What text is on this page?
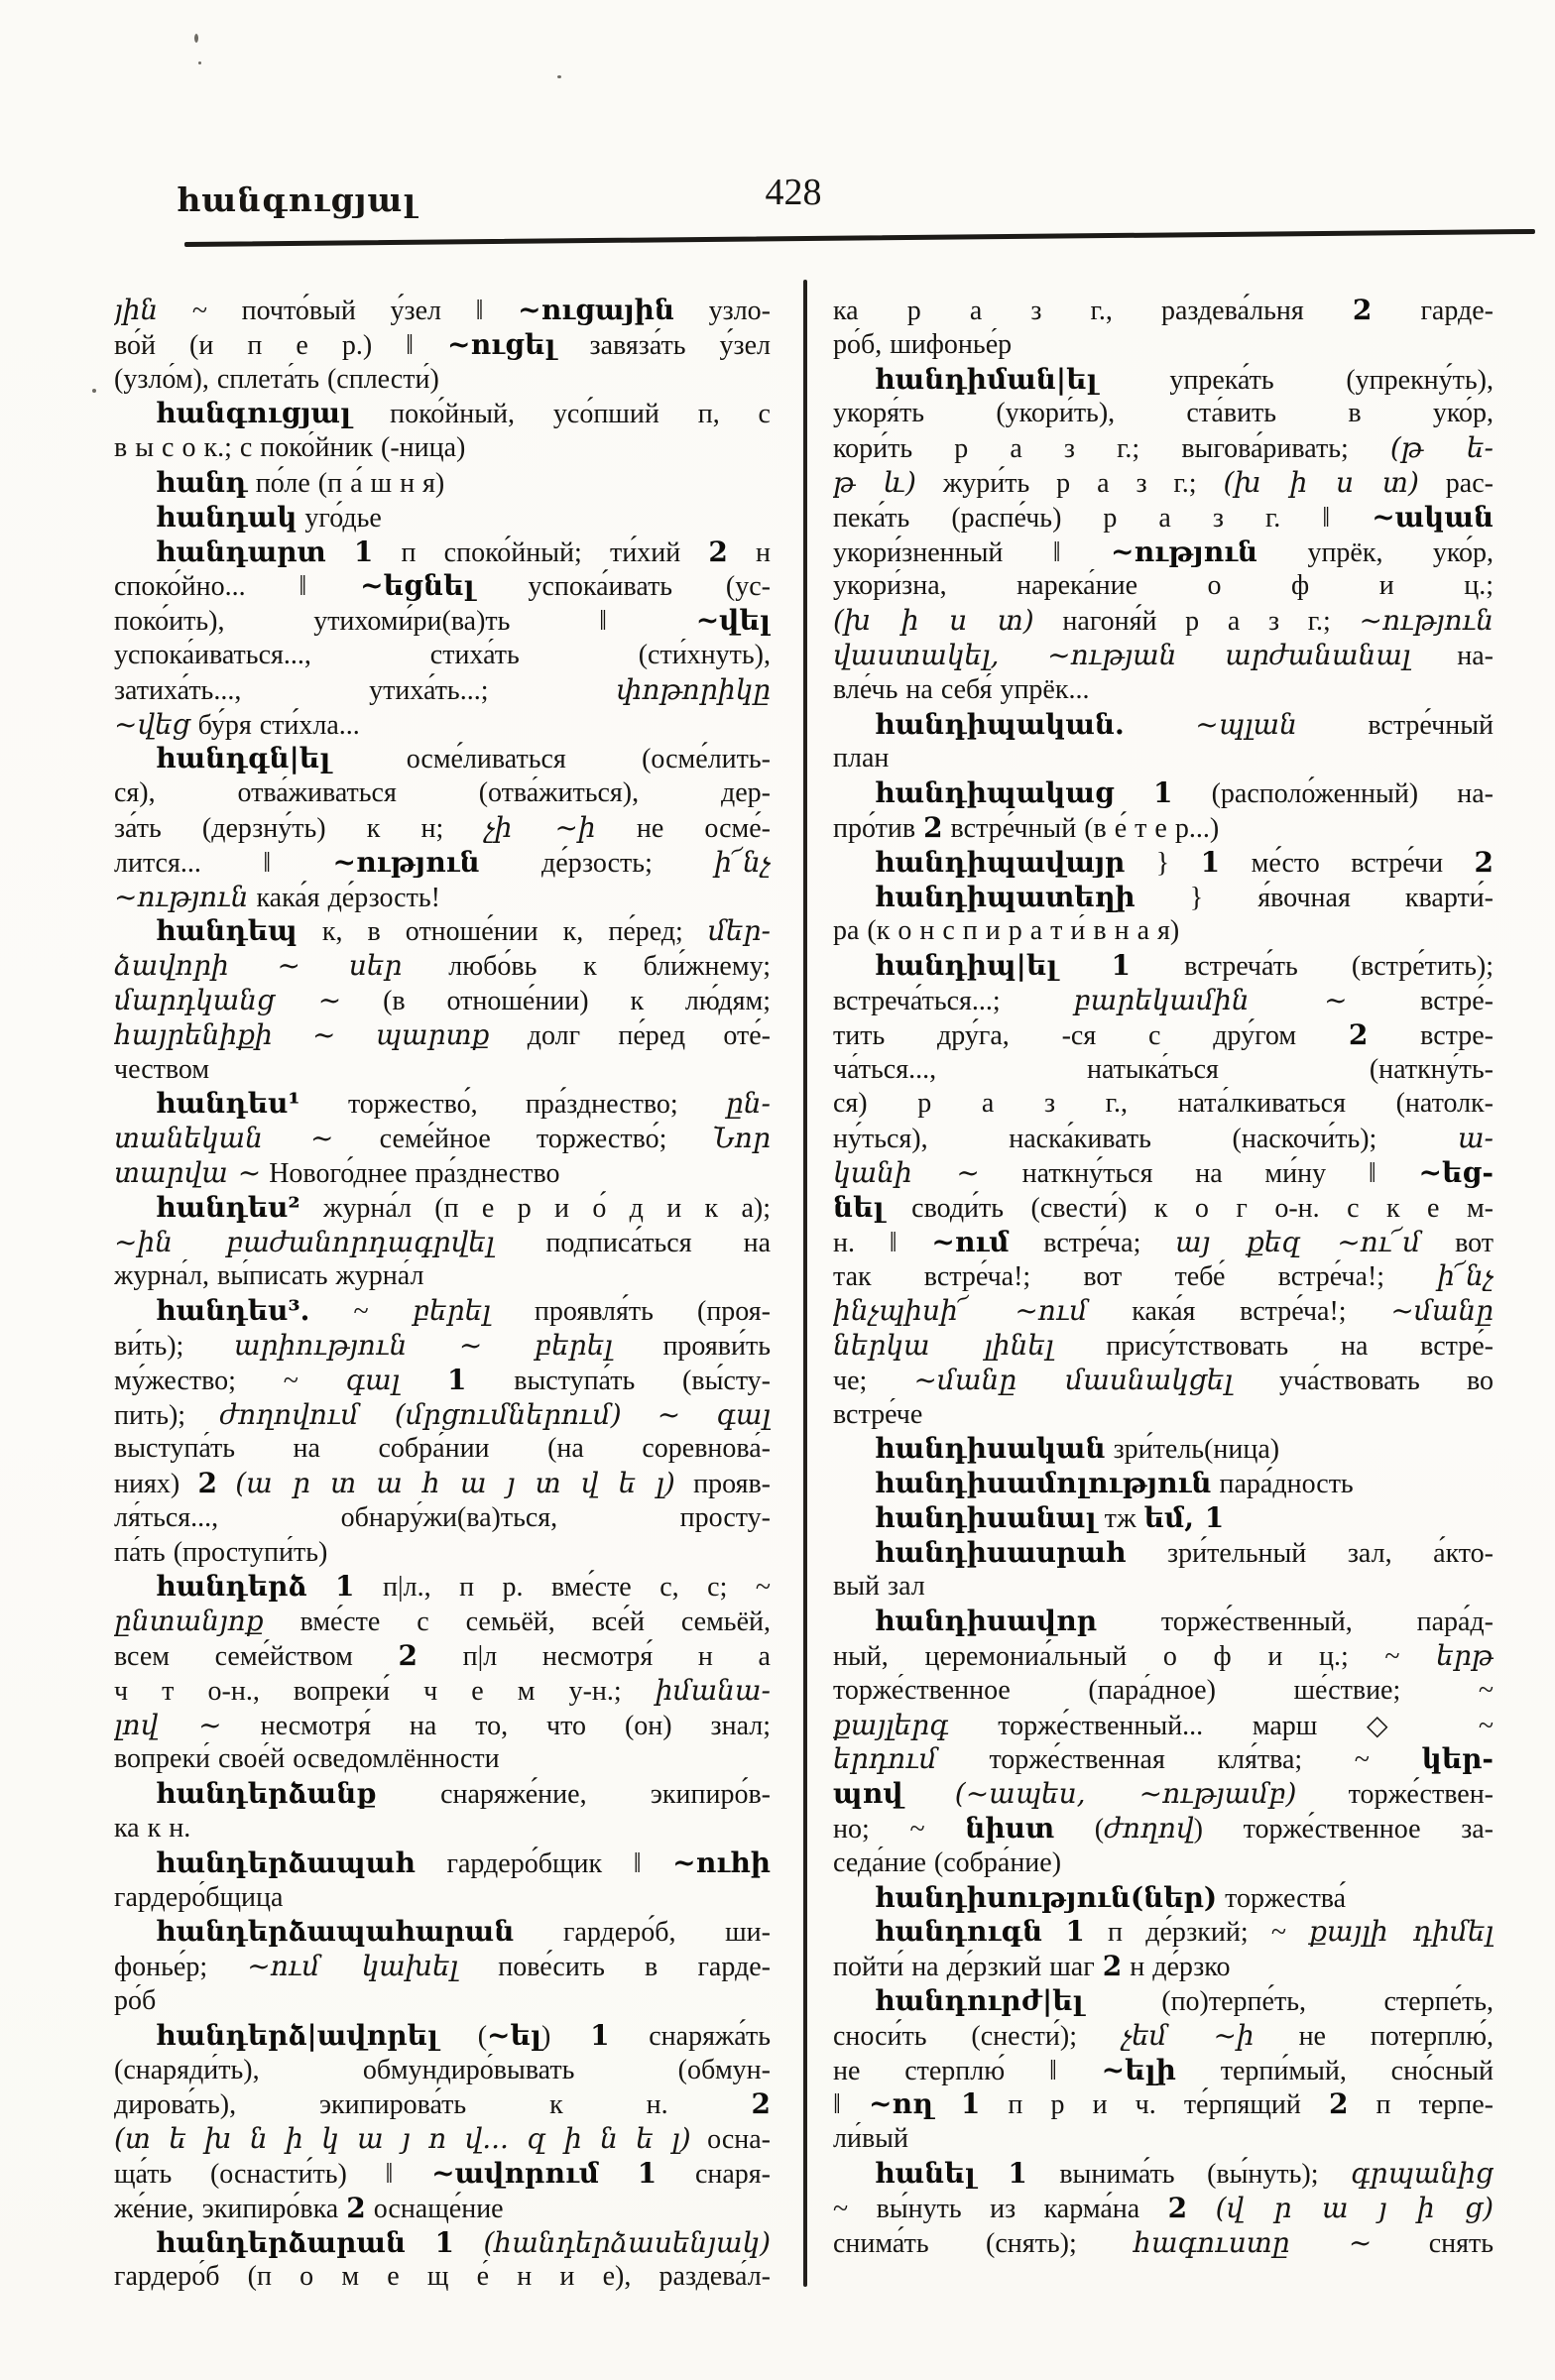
հանգուցյալ	428
յին ~ почто́вый у́зел ‖ ~ուցային узло-
во́й (и п е р.) ‖ ~ուցել завяза́ть у́зел
(узло́м), сплета́ть (сплести́)
հանգուցյալ поко́йный, усо́пший п, с
в ы с о к.; с поко́йник (-ница)
հանդ по́ле (п а́ ш н я)
հանդակ уго́дье
հանդարտ 1 п споко́йный; ти́хий 2 н
споко́йно... ‖ ~եցնել успока́ивать (ус-
поко́ить), утихоми́ри(ва)ть ‖ ~վել
успока́иваться..., стиха́ть (сти́хнуть),
затиха́ть..., утиха́ть...; փոթորիկը
~վեց бу́ря сти́хла...
հանդգն|ել осме́ливаться (осме́лить-
ся), отва́живаться (отва́житься), дер-
за́ть (дерзну́ть) к н; չի ~ի не осме́-
лится... ‖ ~ություն де́рзость; ի՜նչ
~ություն кака́я де́рзость!
հանդեպ к, в отноше́нии к, пе́ред; մեր-
ձավորի ~ սեր любо́вь к бли́жнему;
մարդկանց ~ (в отноше́нии) к лю́дям;
հայրենիքի ~ պարտք долг пе́ред оте́-
чеством
հանդես¹ торжество́, пра́зднество; ըն-
տանեկան ~ семе́йное торжество́; Նոր
տարվա ~ Нового́днее пра́зднество
հանդես² журна́л (п е р и о́ д и к а);
~ին բաժանորդագրվել подписа́ться на
журна́л, вы́писать журна́л
հանդես³. ~ բերել проявля́ть (проя-
ви́ть); արիություն ~ բերել прояви́ть
му́жество; ~ գալ 1 выступа́ть (вы́сту-
пить); ժողովում (մրցումներում) ~ գալ
выступа́ть на собра́нии (на соревнова́-
ниях) 2 (ա ր տ ա հ ա յ տ վ ե լ) прояв-
ля́ться..., обнару́жи(ва)ться, просту-
па́ть (проступи́ть)
հանդերձ 1 п|л., п р. вме́сте с, с; ~
ընտանյոք вме́сте с семьёй, все́й семьёй,
всем семе́йством 2 п|л несмотря́ н а
ч т о-н., вопреки́ ч е м у-н.; իմանա-
լով ~ несмотря́ на то, что (он) знал;
вопреки́ свое́й осведомлённости
հանդերձանք снаряже́ние, экипиро́в-
ка к н.
հանդերձապահ гардеро́бщик ‖ ~ուհի
гардеро́бщица
հանդերձապահարան гардеро́б, ши-
фонье́р; ~ում կախել пове́сить в гарде-
ро́б
հանդերձ|ավորել (~ել) 1 снаряжа́ть
(снаряди́ть), обмундиро́вывать (обмун-
дирова́ть), экипирова́ть к н. 2
(տ ե խ ն ի կ ա յ ո վ... զ ի ն ե լ) осна-
ща́ть (оснасти́ть) ‖ ~ավորում 1 снаря-
же́ние, экипиро́вка 2 оснаще́ние
հանդերձարան 1 (հանդերձասենյակ)
гардеро́б (п о м е щ е́ н и е), раздева́л-
ка р а з г., раздева́льня 2 гарде-
ро́б, шифонье́р
հանդիման|ել упрека́ть (упрекну́ть),
укоря́ть (укори́ть), ста́вить в уко́р,
кори́ть р а з г.; выгова́ривать; (թ ե-
թ և) жури́ть р а з г.; (խ ի ս տ) рас-
пека́ть (распе́чь) р а з г. ‖ ~ական
укори́зненный ‖ ~ություն упрёк, уко́р,
укори́зна, нарека́ние о ф и ц.;
(խ ի ս տ) нагоня́й р а з г.; ~ություն
վաստակել, ~ության արժանանալ на-
вле́чь на себя́ упрёк...
հանդիպական.	~պլան встре́чный
план
հանդիպակաց 1 (располо́женный) на-
про́тив 2 встре́чный (в е́ т е р...)
հանդիպավայր } 1 ме́сто встре́чи 2
հանդիպատեղի } я́вочная кварти́-
ра (к о н с п и р а т и́ в н а я)
հանդիպ|ել 1 встреча́ть (встре́тить);
встреча́ться...; բարեկամին ~ встре́-
тить дру́га, -ся с дру́гом 2 встре-
ча́ться..., натыка́ться (наткну́ть-
ся) р а з г., ната́лкиваться (натолк-
ну́ться), наска́кивать (наскочи́ть); ա-
կանի ~ наткну́ться на ми́ну ‖ ~եց-
նել своди́ть (свести́) к о г о-н. с к е м-
н. ‖ ~ում встре́ча; այ քեզ ~ու՜մ вот
так встре́ча!; вот тебе́ встре́ча!; ի՜նչ
ինչպիսի՜ ~ում кака́я встре́ча!; ~մանը
ներկա լինել прису́тствовать на встре́-
че; ~մանը մասնակցել уча́ствовать во
встре́че
հանդիսական зри́тель(ница)
հանդիսամոլություն пара́дность
հանդիսանալ тж եմ, 1
հանդիսասրահ зри́тельный зал, а́кто-
вый зал
հանդիսավոր торже́ственный, пара́д-
ный, церемониа́льный о ф и ц.; ~ երթ
торже́ственное (пара́дное) ше́ствие; ~
քայլերգ торже́ственный... марш ◇ ~
երդում торже́ственная кля́тва; ~ կեր-
պով (~ապես, ~ությամբ) торже́ствен-
но; ~ նիստ (ժողով) торже́ственное за-
седа́ние (собра́ние)
հանդիսություն(ներ) торжества́
հանդուգն 1 п де́рзкий; ~ քայլի դիմել
пойти́ на де́рзкий шаг 2 н де́рзко
հանդուրժ|ել (по)терпе́ть, стерпе́ть,
сноси́ть (снести́); չեմ ~ի не потерплю́,
не стерплю́ ‖ ~ելի терпи́мый, сно́сный
‖ ~ող 1 п р и ч. те́рпящий 2 п терпе-
ли́вый
հանել 1 вынима́ть (вы́нуть); գրպանից
~ вы́нуть из карма́на 2 (վ ր ա յ ի ց)
снима́ть (снять); հագուստը ~ снять
